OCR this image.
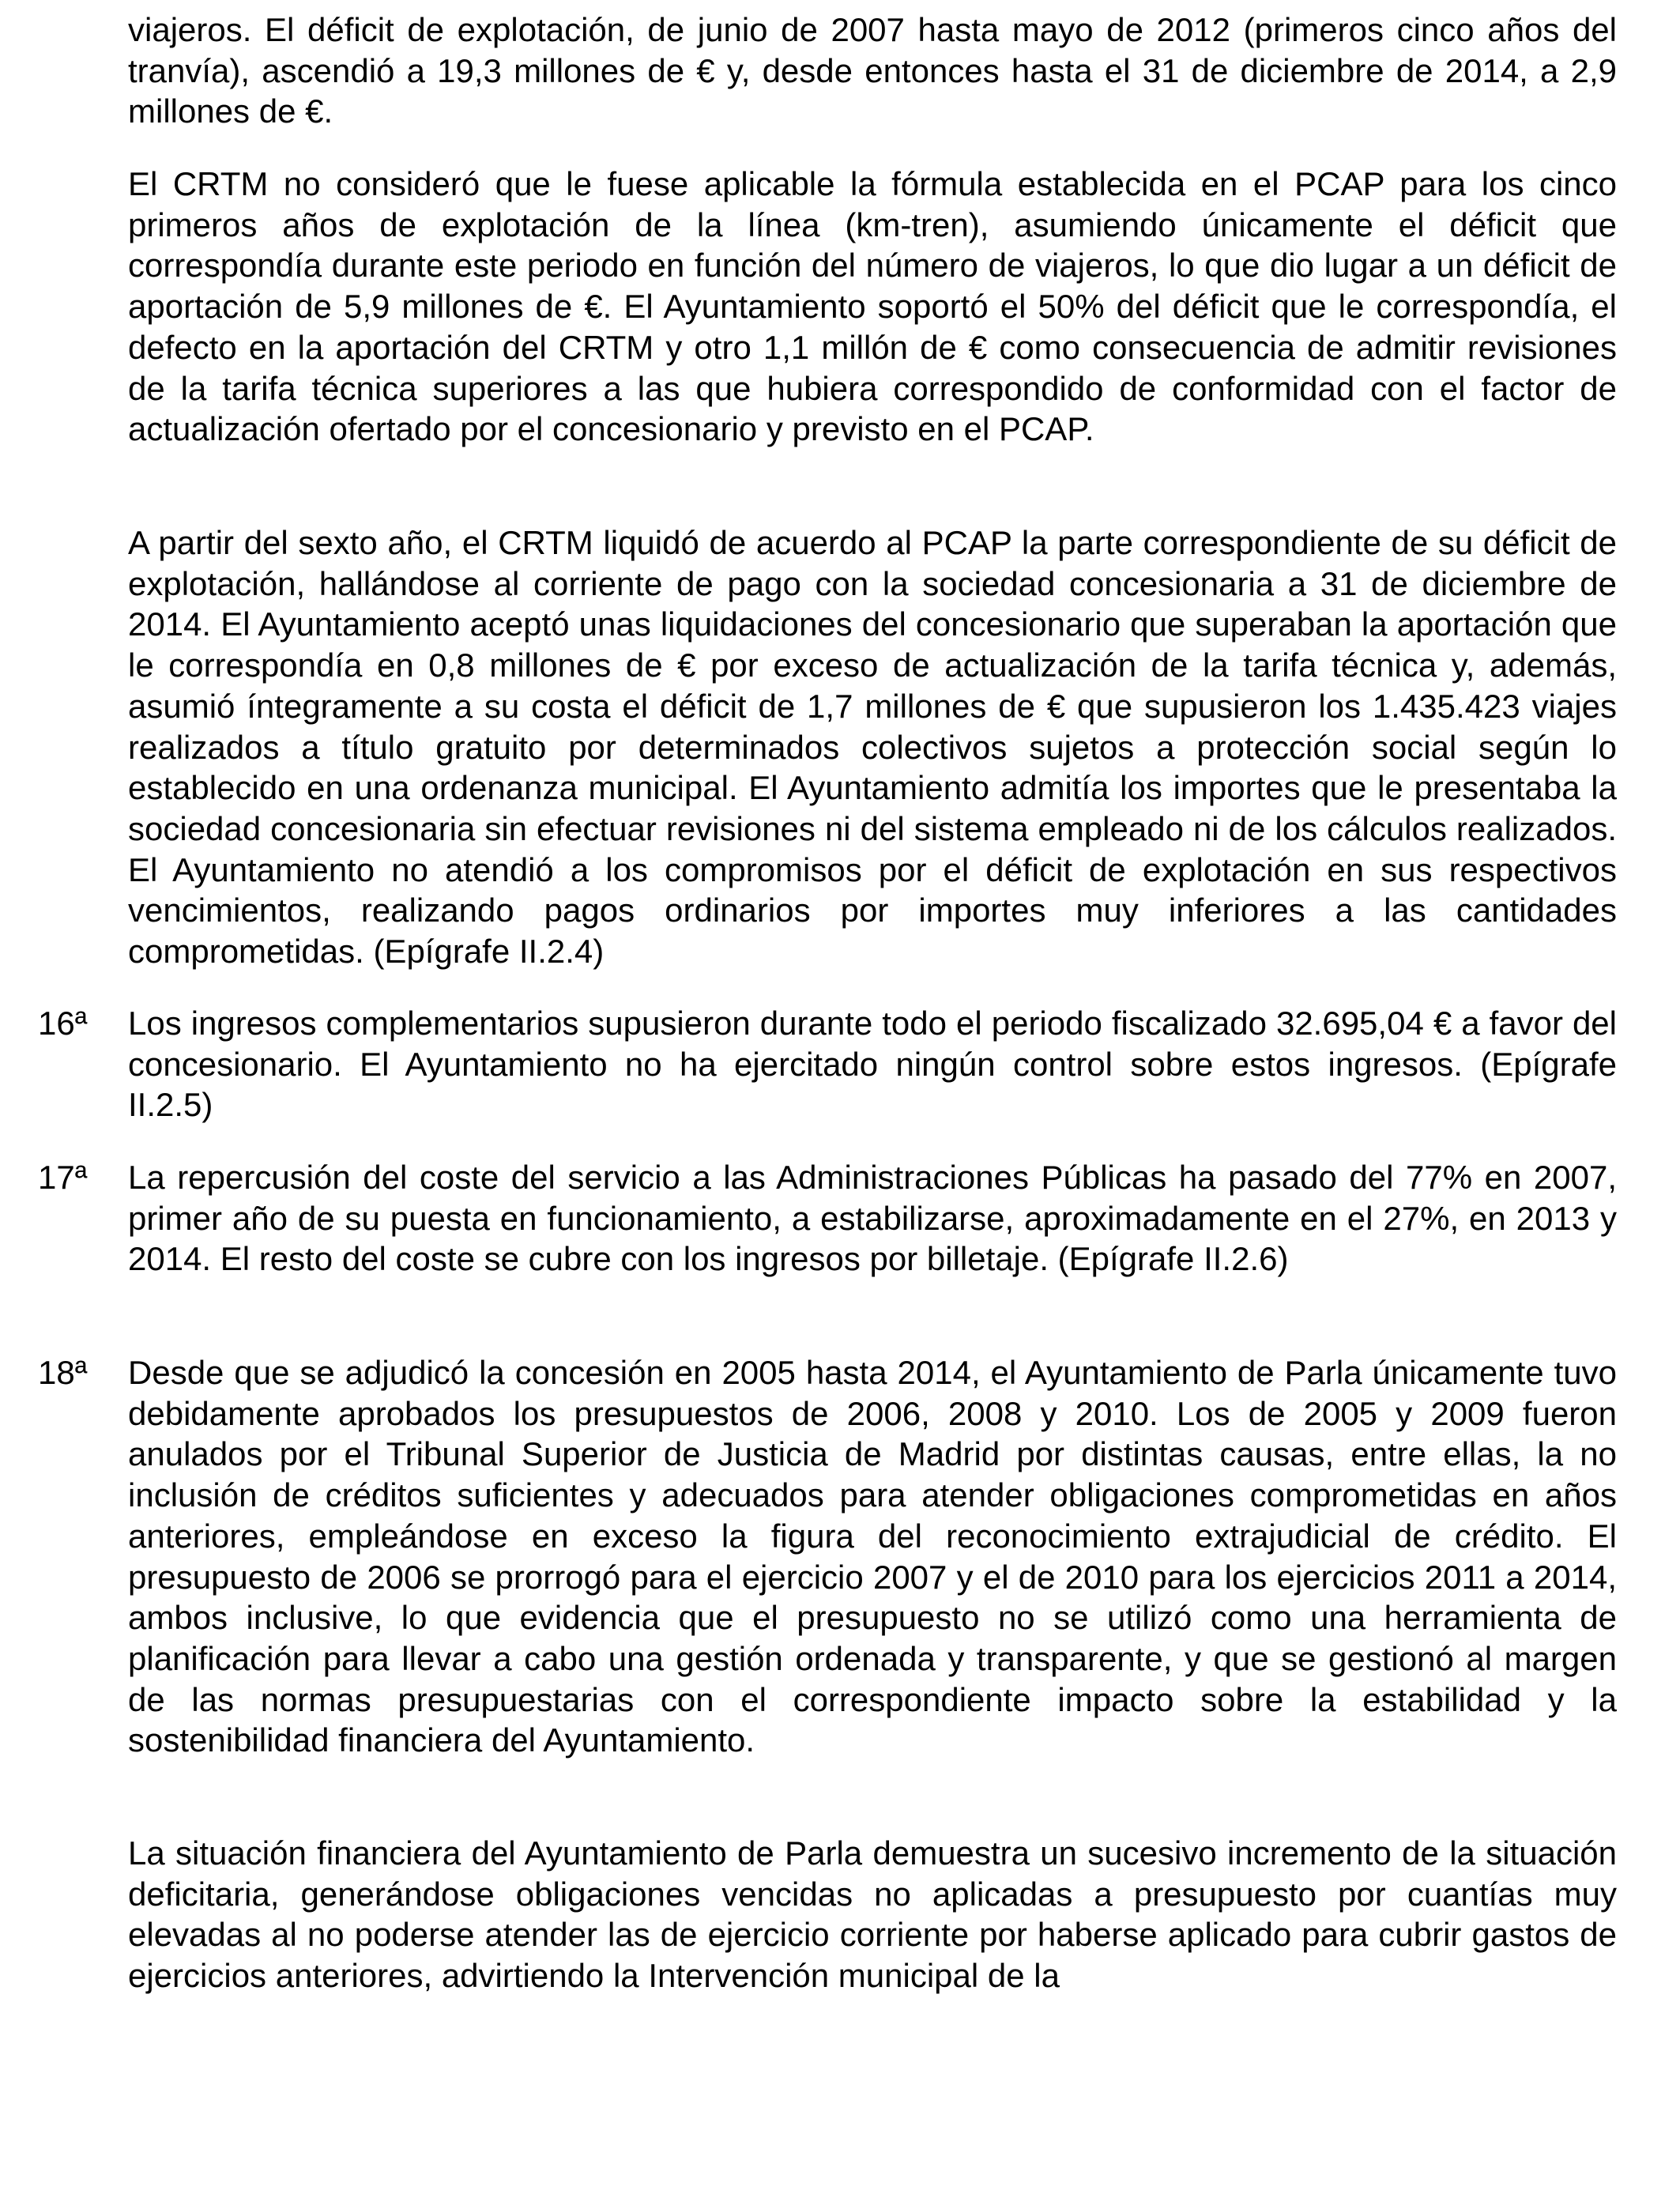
viajeros. El déficit de explotación, de junio de 2007 hasta mayo de 2012 (primeros cinco años del tranvía), ascendió a 19,3 millones de € y, desde entonces hasta el 31 de diciembre de 2014, a 2,9 millones de €.

El CRTM no consideró que le fuese aplicable la fórmula establecida en el PCAP para los cinco primeros años de explotación de la línea (km-tren), asumiendo únicamente el déficit que correspondía durante este periodo en función del número de viajeros, lo que dio lugar a un déficit de aportación de 5,9 millones de €. El Ayuntamiento soportó el 50% del déficit que le correspondía, el defecto en la aportación del CRTM y otro 1,1 millón de € como consecuencia de admitir revisiones de la tarifa técnica superiores a las que hubiera correspondido de conformidad con el factor de actualización ofertado por el concesionario y previsto en el PCAP.

A partir del sexto año, el CRTM liquidó de acuerdo al PCAP la parte correspondiente de su déficit de explotación, hallándose al corriente de pago con la sociedad concesionaria a 31 de diciembre de 2014. El Ayuntamiento aceptó unas liquidaciones del concesionario que superaban la aportación que le correspondía en 0,8 millones de € por exceso de actualización de la tarifa técnica y, además, asumió íntegramente a su costa el déficit de 1,7 millones de € que supusieron los 1.435.423 viajes realizados a título gratuito por determinados colectivos sujetos a protección social según lo establecido en una ordenanza municipal. El Ayuntamiento admitía los importes que le presentaba la sociedad concesionaria sin efectuar revisiones ni del sistema empleado ni de los cálculos realizados. El Ayuntamiento no atendió a los compromisos por el déficit de explotación en sus respectivos vencimientos, realizando pagos ordinarios por importes muy inferiores a las cantidades comprometidas. (Epígrafe II.2.4)

16ª Los ingresos complementarios supusieron durante todo el periodo fiscalizado 32.695,04 € a favor del concesionario. El Ayuntamiento no ha ejercitado ningún control sobre estos ingresos. (Epígrafe II.2.5)

17ª La repercusión del coste del servicio a las Administraciones Públicas ha pasado del 77% en 2007, primer año de su puesta en funcionamiento, a estabilizarse, aproximadamente en el 27%, en 2013 y 2014. El resto del coste se cubre con los ingresos por billetaje. (Epígrafe II.2.6)

18ª Desde que se adjudicó la concesión en 2005 hasta 2014, el Ayuntamiento de Parla únicamente tuvo debidamente aprobados los presupuestos de 2006, 2008 y 2010. Los de 2005 y 2009 fueron anulados por el Tribunal Superior de Justicia de Madrid por distintas causas, entre ellas, la no inclusión de créditos suficientes y adecuados para atender obligaciones comprometidas en años anteriores, empleándose en exceso la figura del reconocimiento extrajudicial de crédito. El presupuesto de 2006 se prorrogó para el ejercicio 2007 y el de 2010 para los ejercicios 2011 a 2014, ambos inclusive, lo que evidencia que el presupuesto no se utilizó como una herramienta de planificación para llevar a cabo una gestión ordenada y transparente, y que se gestionó al margen de las normas presupuestarias con el correspondiente impacto sobre la estabilidad y la sostenibilidad financiera del Ayuntamiento.

La situación financiera del Ayuntamiento de Parla demuestra un sucesivo incremento de la situación deficitaria, generándose obligaciones vencidas no aplicadas a presupuesto por cuantías muy elevadas al no poderse atender las de ejercicio corriente por haberse aplicado para cubrir gastos de ejercicios anteriores, advirtiendo la Intervención municipal de la
